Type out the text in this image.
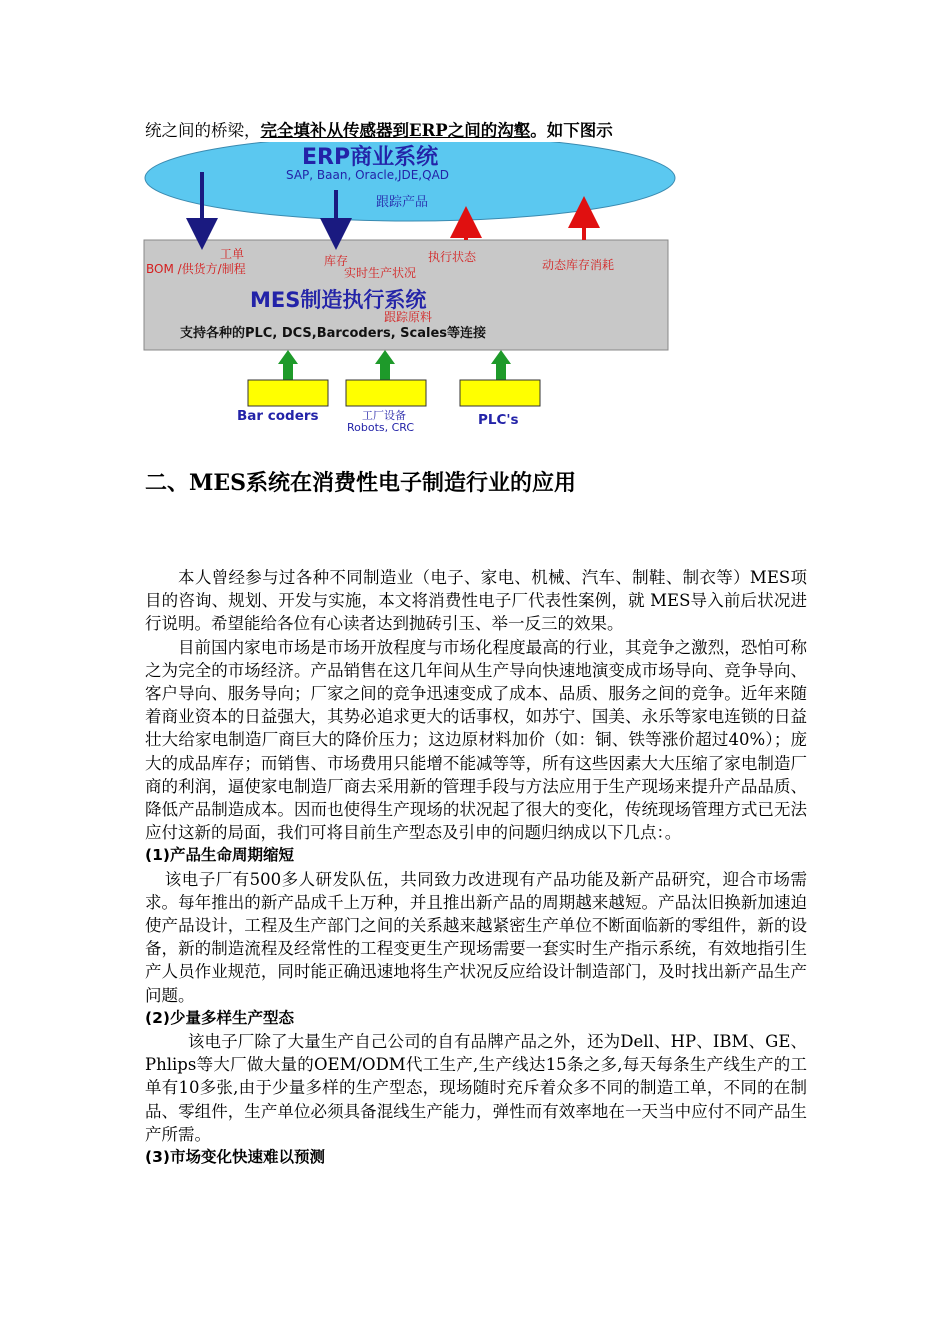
统之间的桥梁，完全填补从传感器到ERP之间的沟壑。如下图示
ERP商业系统
SAP, Baan, Oracle,JDE,QAD
跟踪产品
工单
BOM /供货方/制程
库存
实时生产状况
执行状态
动态库存消耗
MES制造执行系统
跟踪原料
支持各种的PLC, DCS,Barcoders, Scales等连接
Bar coders	工厂设备
Robots, CRC	PLC's
二、MES系统在消费性电子制造行业的应用

本人曾经参与过各种不同制造业（电子、家电、机械、汽车、制鞋、制衣等）MES项目的咨询、规划、开发与实施，本文将消费性电子厂代表性案例，就 MES导入前后状况进行说明。希望能给各位有心读者达到抛砖引玉、举一反三的效果。

目前国内家电市场是市场开放程度与市场化程度最高的行业，其竞争之激烈，恐怕可称之为完全的市场经济。产品销售在这几年间从生产导向快速地演变成市场导向、竞争导向、客户导向、服务导向；厂家之间的竞争迅速变成了成本、品质、服务之间的竞争。近年来随着商业资本的日益强大，其势必追求更大的话事权，如苏宁、国美、永乐等家电连锁的日益壮大给家电制造厂商巨大的降价压力；这边原材料加价（如：铜、铁等涨价超过40%）；庞大的成品库存；而销售、市场费用只能增不能减等等，所有这些因素大大压缩了家电制造厂商的利润，逼使家电制造厂商去采用新的管理手段与方法应用于生产现场来提升产品品质、降低产品制造成本。因而也使得生产现场的状况起了很大的变化，传统现场管理方式已无法应付这新的局面，我们可将目前生产型态及引申的问题归纳成以下几点：。

(1)产品生命周期缩短

该电子厂有500多人研发队伍，共同致力改进现有产品功能及新产品研究，迎合市场需求。每年推出的新产品成千上万种，并且推出新产品的周期越来越短。产品汰旧换新加速迫使产品设计，工程及生产部门之间的关系越来越紧密生产单位不断面临新的零组件，新的设备，新的制造流程及经常性的工程变更生产现场需要一套实时生产指示系统，有效地指引生产人员作业规范，同时能正确迅速地将生产状况反应给设计制造部门，及时找出新产品生产问题。

(2)少量多样生产型态

该电子厂除了大量生产自己公司的自有品牌产品之外，还为Dell、HP、IBM、GE、Phlips等大厂做大量的OEM/ODM代工生产,生产线达15条之多,每天每条生产线生产的工单有10多张,由于少量多样的生产型态，现场随时充斥着众多不同的制造工单，不同的在制品、零组件，生产单位必须具备混线生产能力，弹性而有效率地在一天当中应付不同产品生产所需。

(3)市场变化快速难以预测
